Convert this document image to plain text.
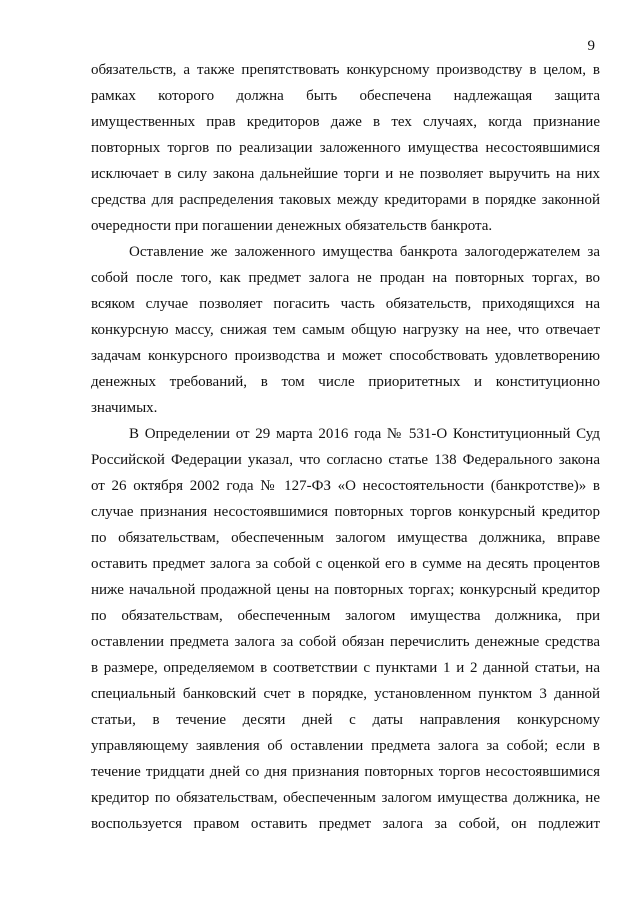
9
обязательств, а также препятствовать конкурсному производству в целом, в
рамках которого должна быть обеспечена надлежащая защита
имущественных прав кредиторов даже в тех случаях, когда признание
повторных торгов по реализации заложенного имущества несостоявшимися
исключает в силу закона дальнейшие торги и не позволяет выручить на них
средства для распределения таковых между кредиторами в порядке законной
очередности при погашении денежных обязательств банкрота.
Оставление же заложенного имущества банкрота залогодержателем за
собой после того, как предмет залога не продан на повторных торгах, во
всяком случае позволяет погасить часть обязательств, приходящихся на
конкурсную массу, снижая тем самым общую нагрузку на нее, что отвечает
задачам конкурсного производства и может способствовать удовлетворению
денежных требований, в том числе приоритетных и конституционно
значимых.
В Определении от 29 марта 2016 года № 531-О Конституционный Суд
Российской Федерации указал, что согласно статье 138 Федерального закона
от 26 октября 2002 года № 127-ФЗ «О несостоятельности (банкротстве)» в
случае признания несостоявшимися повторных торгов конкурсный кредитор
по обязательствам, обеспеченным залогом имущества должника, вправе
оставить предмет залога за собой с оценкой его в сумме на десять процентов
ниже начальной продажной цены на повторных торгах; конкурсный кредитор
по обязательствам, обеспеченным залогом имущества должника, при
оставлении предмета залога за собой обязан перечислить денежные средства
в размере, определяемом в соответствии с пунктами 1 и 2 данной статьи, на
специальный банковский счет в порядке, установленном пунктом 3 данной
статьи, в течение десяти дней с даты направления конкурсному
управляющему заявления об оставлении предмета залога за собой; если в
течение тридцати дней со дня признания повторных торгов несостоявшимися
кредитор по обязательствам, обеспеченным залогом имущества должника, не
воспользуется правом оставить предмет залога за собой, он подлежит
